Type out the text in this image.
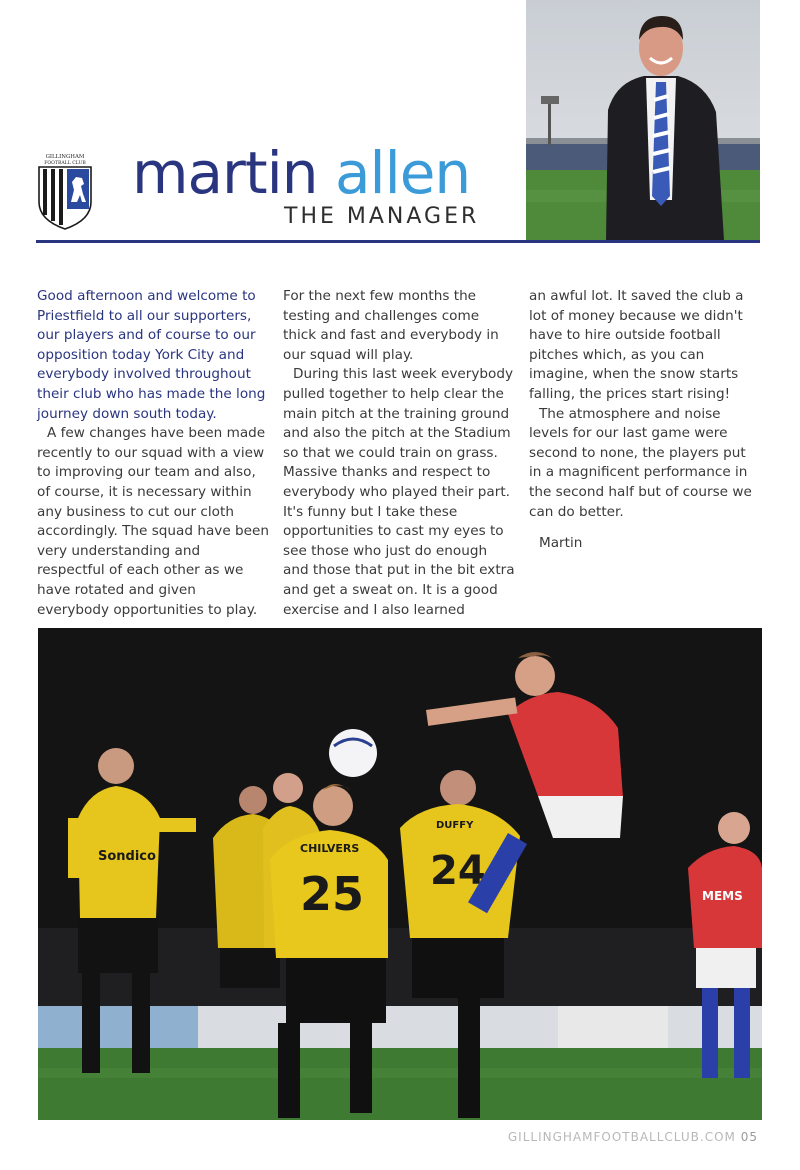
GILLINGHAM
FOOTBALL CLUB martin allen
THE MANAGER

Good afternoon and welcome to Priestfield to all our supporters, our players and of course to our opposition today York City and everybody involved throughout their club who has made the long journey down south today.

A few changes have been made recently to our squad with a view to improving our team and also, of course, it is necessary within any business to cut our cloth accordingly. The squad have been very understanding and respectful of each other as we have rotated and given everybody opportunities to play.

For the next few months the testing and challenges come thick and fast and everybody in our squad will play.

During this last week everybody pulled together to help clear the main pitch at the training ground and also the pitch at the Stadium so that we could train on grass. Massive thanks and respect to everybody who played their part. It's funny but I take these opportunities to cast my eyes to see those who just do enough and those that put in the bit extra and get a sweat on. It is a good exercise and I also learned

an awful lot. It saved the club a lot of money because we didn't have to hire outside football pitches which, as you can imagine, when the snow starts falling, the prices start rising!

The atmosphere and noise levels for our last game were second to none, the players put in a magnificent performance in the second half but of course we can do better.

Martin

Sondico
CHILVERS
25
DUFFY
24
MEMS
GILLINGHAMFOOTBALLCLUB.COM 05
